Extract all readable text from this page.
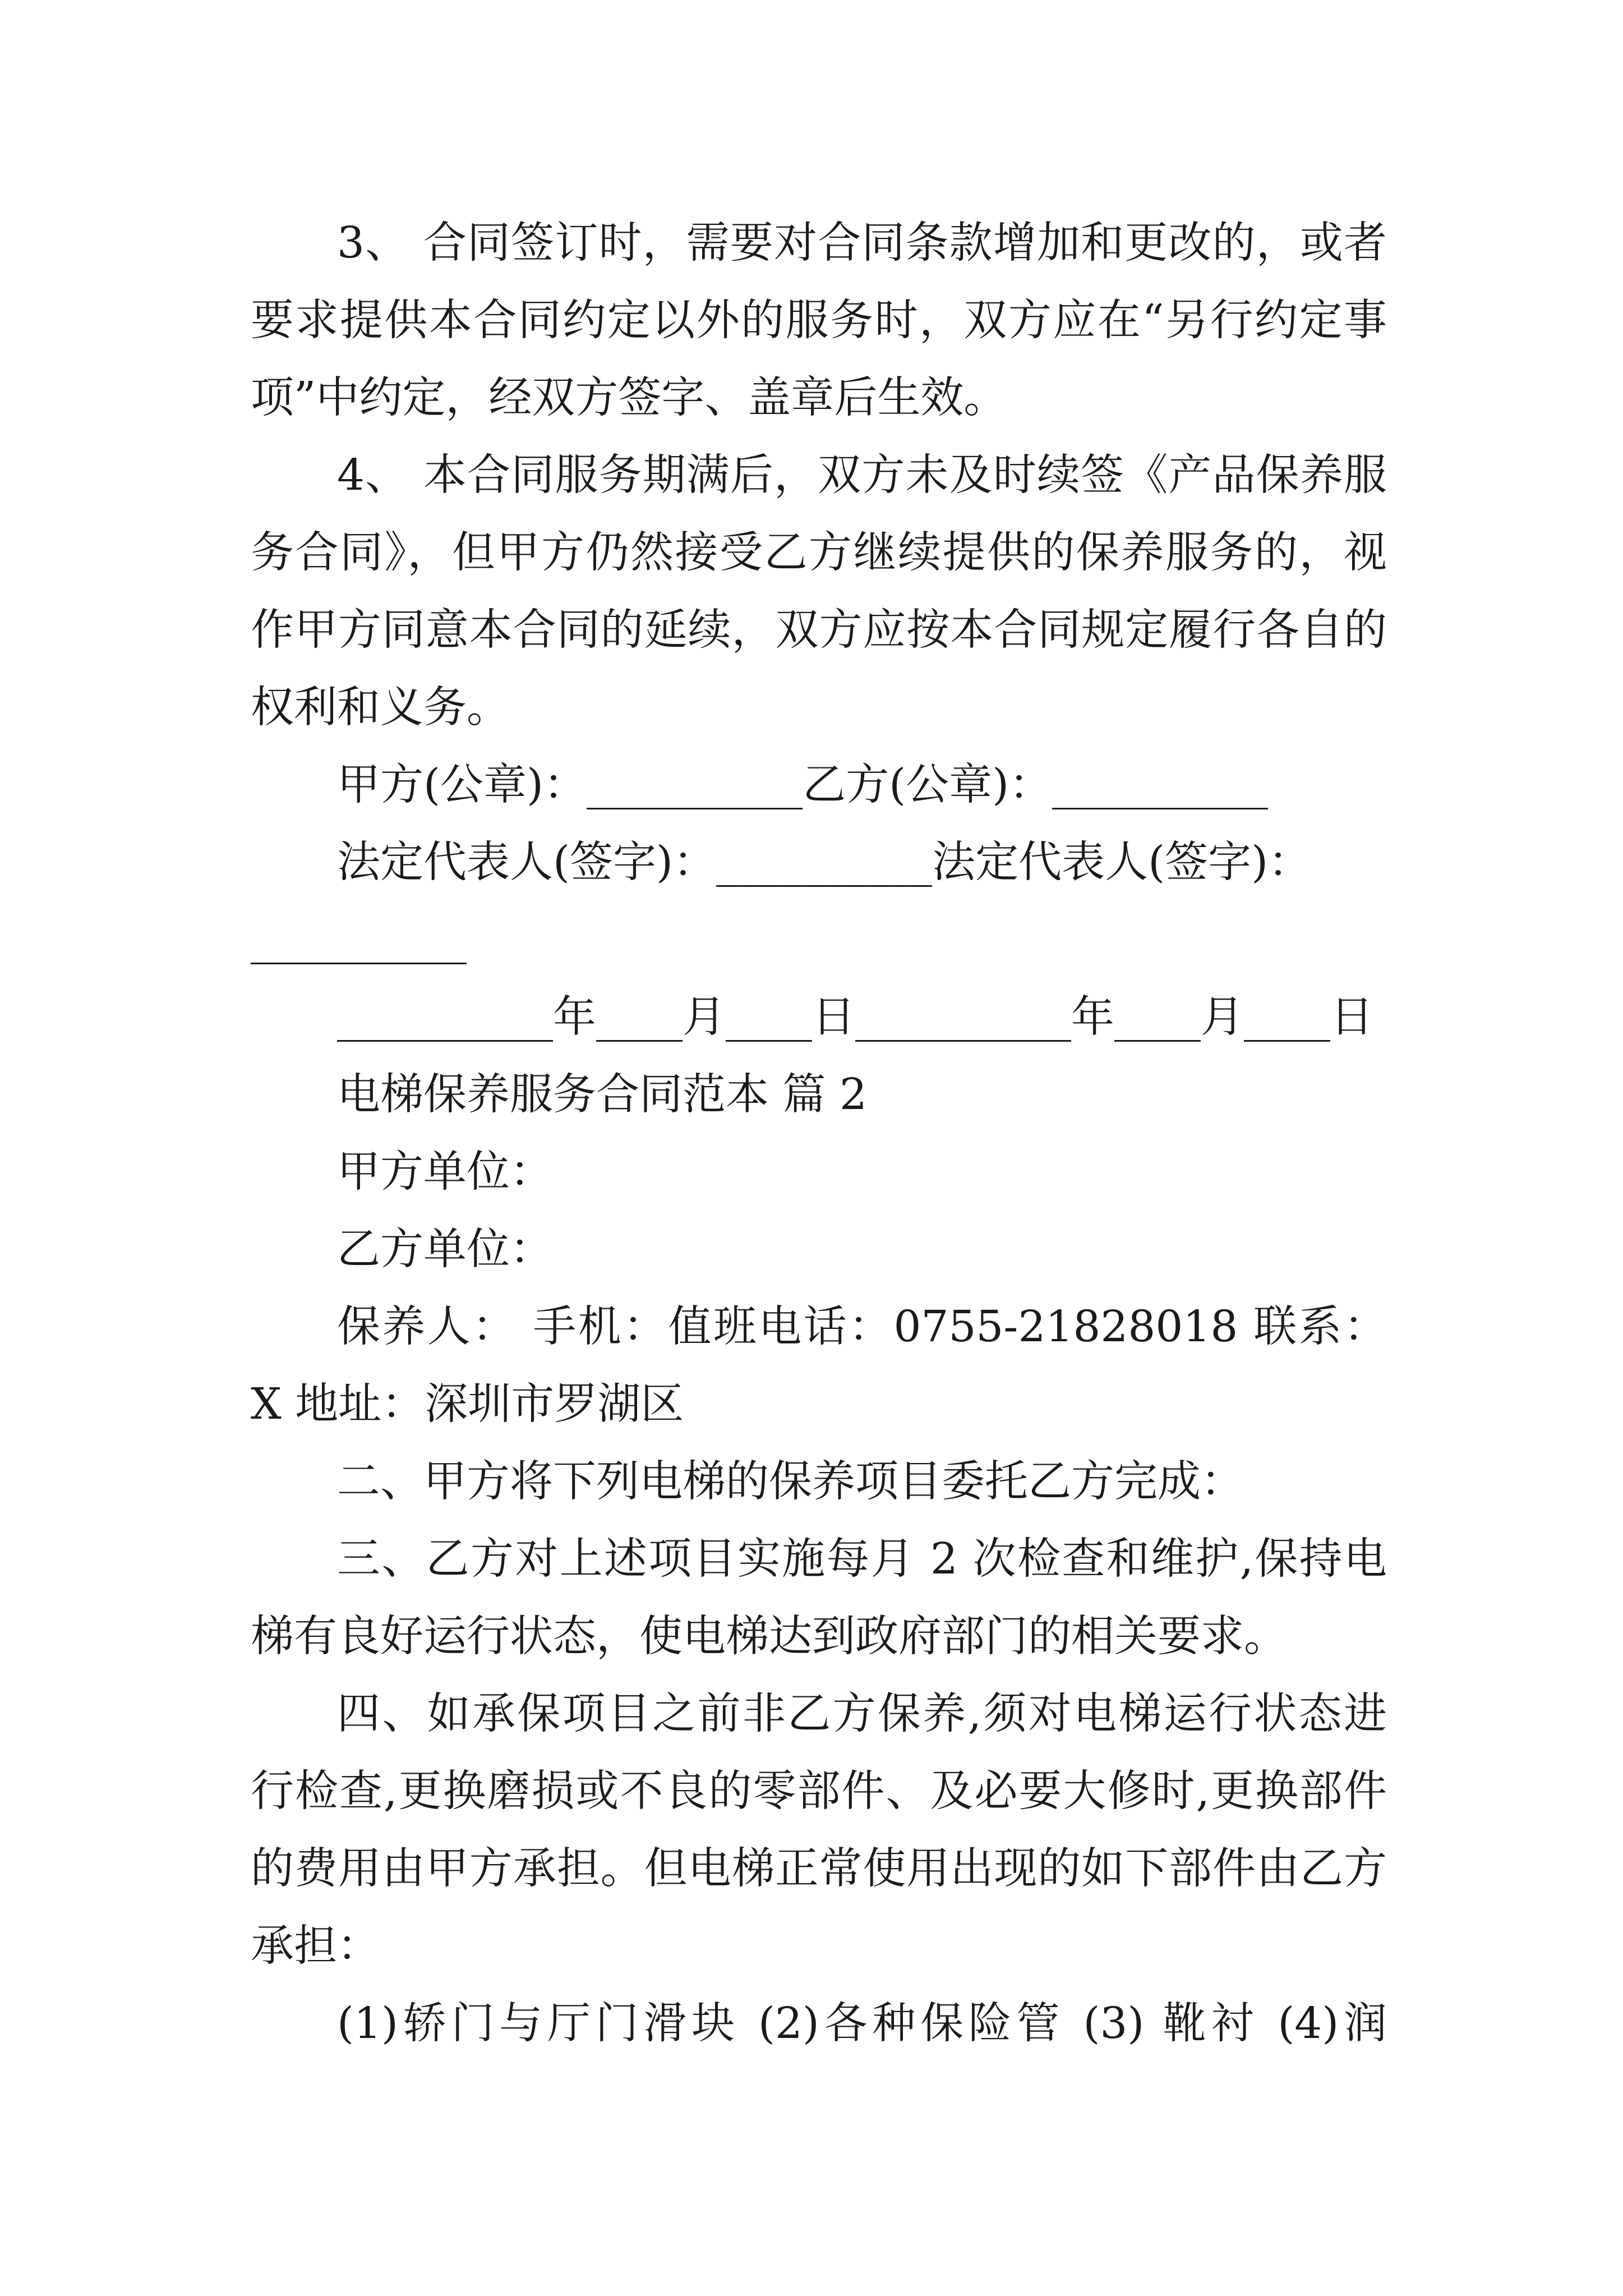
3、 合同签订时，需要对合同条款增加和更改的，或者
要求提供本合同约定以外的服务时，双方应在“另行约定事
项”中约定，经双方签字、盖章后生效。
4、 本合同服务期满后，双方未及时续签《产品保养服
务合同》，但甲方仍然接受乙方继续提供的保养服务的，视
作甲方同意本合同的延续，双方应按本合同规定履行各自的
权利和义务。
甲方(公章)：__________乙方(公章)：__________
法定代表人(签字)：__________法定代表人(签字)：
__________
__________年____月____日__________年____月____日
电梯保养服务合同范本 篇 2
甲方单位：
乙方单位：
保养人： 手机：值班电话：0755-21828018 联系：
X 地址：深圳市罗湖区
二、甲方将下列电梯的保养项目委托乙方完成：
三、乙方对上述项目实施每月 2 次检查和维护,保持电
梯有良好运行状态，使电梯达到政府部门的相关要求。
四、如承保项目之前非乙方保养,须对电梯运行状态进
行检查,更换磨损或不良的零部件、及必要大修时,更换部件
的费用由甲方承担。但电梯正常使用出现的如下部件由乙方
承担：
(1)轿门与厅门滑块 (2)各种保险管 (3) 靴衬 (4)润
